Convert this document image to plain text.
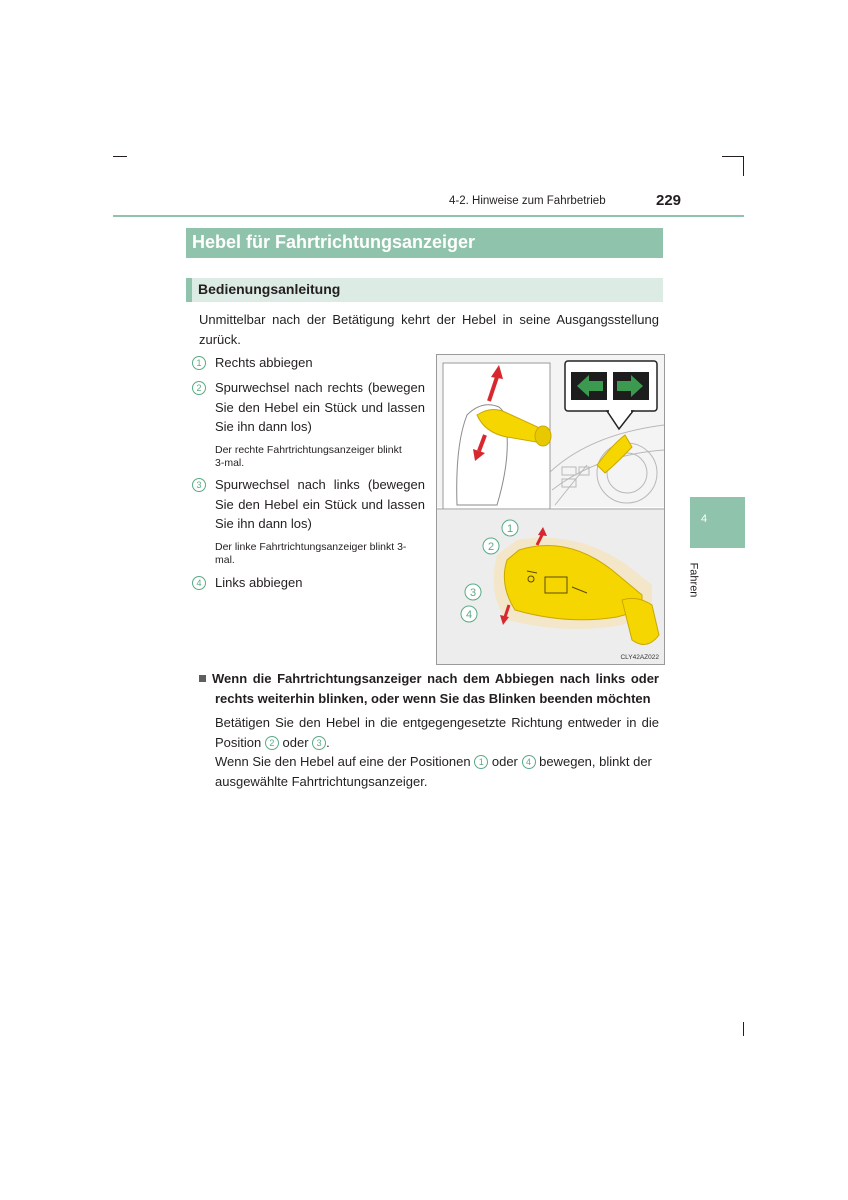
4-2. Hinweise zum Fahrbetrieb	229
Hebel für Fahrtrichtungsanzeiger
Bedienungsanleitung
Unmittelbar nach der Betätigung kehrt der Hebel in seine Ausgangsstellung
zurück.
1	Rechts abbiegen
2	Spurwechsel nach rechts (bewegen
Sie den Hebel ein Stück und lassen
Sie ihn dann los)
Der rechte Fahrtrichtungsanzeiger blinkt
3-mal.
3	Spurwechsel nach links (bewegen
Sie den Hebel ein Stück und lassen
Sie ihn dann los)
Der linke Fahrtrichtungsanzeiger blinkt 3-
mal.
4	Links abbiegen
1
2
3
4
CLY42AZ022
Wenn die Fahrtrichtungsanzeiger nach dem Abbiegen nach links oder
rechts weiterhin blinken, oder wenn Sie das Blinken beenden möchten
Betätigen Sie den Hebel in die entgegengesetzte Richtung entweder in die
Position 2 oder 3 .
Wenn Sie den Hebel auf eine der Positionen 1 oder 4 bewegen, blinkt der
ausgewählte Fahrtrichtungsanzeiger.
4
Fahren
